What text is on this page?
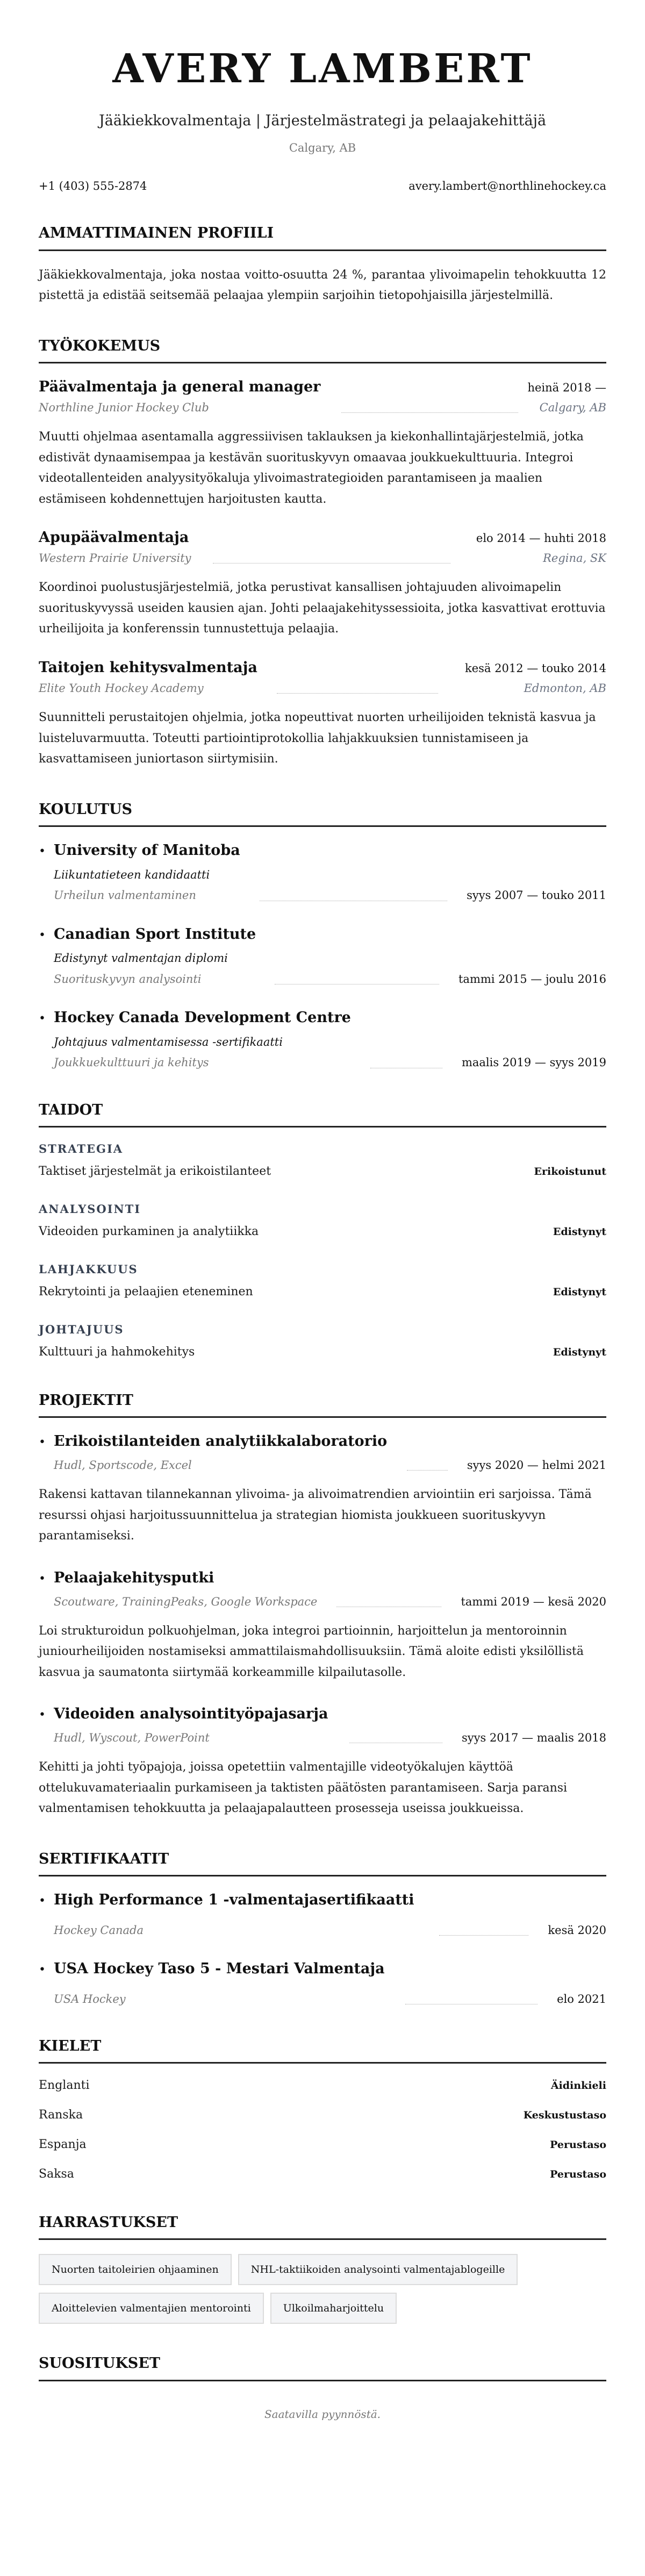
AVERY LAMBERT
Jääkiekkovalmentaja | Järjestelmästrategi ja pelaajakehittäjä
Calgary, AB
+1 (403) 555-2874	avery.lambert@northlinehockey.ca
AMMATTIMAINEN PROFIILI

Jääkiekkovalmentaja, joka nostaa voitto-osuutta 24 %, parantaa ylivoimapelin tehokkuutta 12 pistettä ja edistää seitsemää pelaajaa ylempiin sarjoihin tietopohjaisilla järjestelmillä.

TYÖKOKEMUS
Päävalmentaja ja general manager	heinä 2018 —
Northline Junior Hockey Club	Calgary, AB

Muutti ohjelmaa asentamalla aggressiivisen taklauksen ja kiekonhallintajärjestelmiä, jotka edistivät dynaamisempaa ja kestävän suorituskyvyn omaavaa joukkuekulttuuria. Integroi videotallenteiden analyysityökaluja ylivoimastrategioiden parantamiseen ja maalien estämiseen kohdennettujen harjoitusten kautta.

Apupäävalmentaja	elo 2014 — huhti 2018
Western Prairie University	Regina, SK

Koordinoi puolustusjärjestelmiä, jotka perustivat kansallisen johtajuuden alivoimapelin suorituskyvyssä useiden kausien ajan. Johti pelaajakehityssessioita, jotka kasvattivat erottuvia urheilijoita ja konferenssin tunnustettuja pelaajia.

Taitojen kehitysvalmentaja	kesä 2012 — touko 2014
Elite Youth Hockey Academy	Edmonton, AB

Suunnitteli perustaitojen ohjelmia, jotka nopeuttivat nuorten urheilijoiden teknistä kasvua ja luisteluvarmuutta. Toteutti partiointiprotokollia lahjakkuuksien tunnistamiseen ja kasvattamiseen juniortason siirtymisiin.

KOULUTUS
• University of Manitoba
Liikuntatieteen kandidaatti
Urheilun valmentaminen	syys 2007 — touko 2011
• Canadian Sport Institute
Edistynyt valmentajan diplomi
Suorituskyvyn analysointi	tammi 2015 — joulu 2016
• Hockey Canada Development Centre
Johtajuus valmentamisessa -sertifikaatti
Joukkuekulttuuri ja kehitys	maalis 2019 — syys 2019
TAIDOT
STRATEGIA
Taktiset järjestelmät ja erikoistilanteet	Erikoistunut
ANALYSOINTI
Videoiden purkaminen ja analytiikka	Edistynyt
LAHJAKKUUS
Rekrytointi ja pelaajien eteneminen	Edistynyt
JOHTAJUUS
Kulttuuri ja hahmokehitys	Edistynyt
PROJEKTIT
• Erikoistilanteiden analytiikkalaboratorio
Hudl, Sportscode, Excel	syys 2020 — helmi 2021

Rakensi kattavan tilannekannan ylivoima- ja alivoimatrendien arviointiin eri sarjoissa. Tämä resurssi ohjasi harjoitussuunnittelua ja strategian hiomista joukkueen suorituskyvyn parantamiseksi.

• Pelaajakehitysputki
Scoutware, TrainingPeaks, Google Workspace	tammi 2019 — kesä 2020

Loi strukturoidun polkuohjelman, joka integroi partioinnin, harjoittelun ja mentoroinnin juniourheilijoiden nostamiseksi ammattilaismahdollisuuksiin. Tämä aloite edisti yksilöllistä kasvua ja saumatonta siirtymää korkeammille kilpailutasolle.

• Videoiden analysointityöpajasarja
Hudl, Wyscout, PowerPoint	syys 2017 — maalis 2018

Kehitti ja johti työpajoja, joissa opetettiin valmentajille videotyökalujen käyttöä ottelukuvamateriaalin purkamiseen ja taktisten päätösten parantamiseen. Sarja paransi valmentamisen tehokkuutta ja pelaajapalautteen prosesseja useissa joukkueissa.

SERTIFIKAATIT
• High Performance 1 -valmentajasertifikaatti
Hockey Canada	kesä 2020
• USA Hockey Taso 5 - Mestari Valmentaja
USA Hockey	elo 2021
KIELET
Englanti	Äidinkieli
Ranska	Keskustustaso
Espanja	Perustaso
Saksa	Perustaso
HARRASTUKSET
Nuorten taitoleirien ohjaaminen	NHL-taktiikoiden analysointi valmentajablogeille
Aloittelevien valmentajien mentorointi	Ulkoilmaharjoittelu
SUOSITUKSET

Saatavilla pyynnöstä.
